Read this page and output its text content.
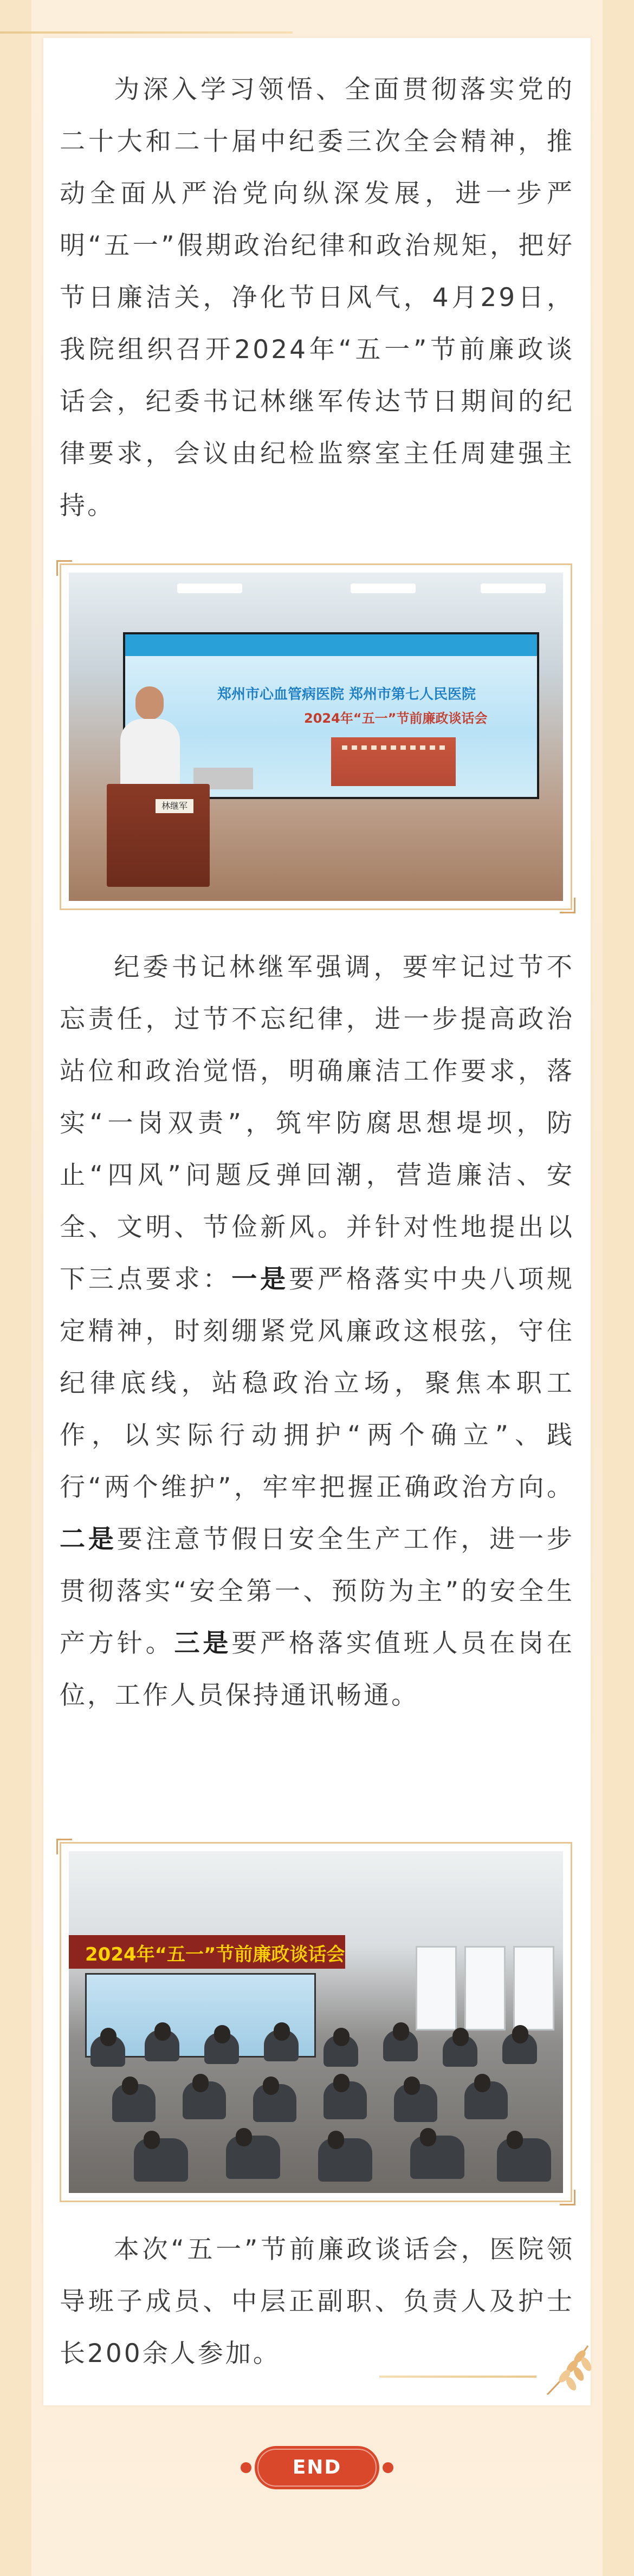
为深入学习领悟、全面贯彻落实党的二十大和二十届中纪委三次全会精神，推动全面从严治党向纵深发展，进一步严明“五一”假期政治纪律和政治规矩，把好节日廉洁关，净化节日风气，4月29日，我院组织召开2024年“五一”节前廉政谈话会，纪委书记林继军传达节日期间的纪律要求，会议由纪检监察室主任周建强主持。

郑州市心血管病医院 郑州市第七人民医院
2024年“五一”节前廉政谈话会
林继军

纪委书记林继军强调，要牢记过节不忘责任，过节不忘纪律，进一步提高政治站位和政治觉悟，明确廉洁工作要求，落实“一岗双责”，筑牢防腐思想堤坝，防止“四风”问题反弹回潮，营造廉洁、安全、文明、节俭新风。并针对性地提出以下三点要求：一是要严格落实中央八项规定精神，时刻绷紧党风廉政这根弦，守住纪律底线，站稳政治立场，聚焦本职工作，以实际行动拥护“两个确立”、践行“两个维护”，牢牢把握正确政治方向。二是要注意节假日安全生产工作，进一步贯彻落实“安全第一、预防为主”的安全生产方针。三是要严格落实值班人员在岗在位，工作人员保持通讯畅通。

2024年“五一”节前廉政谈话会

本次“五一”节前廉政谈话会，医院领导班子成员、中层正副职、负责人及护士长200余人参加。

END
